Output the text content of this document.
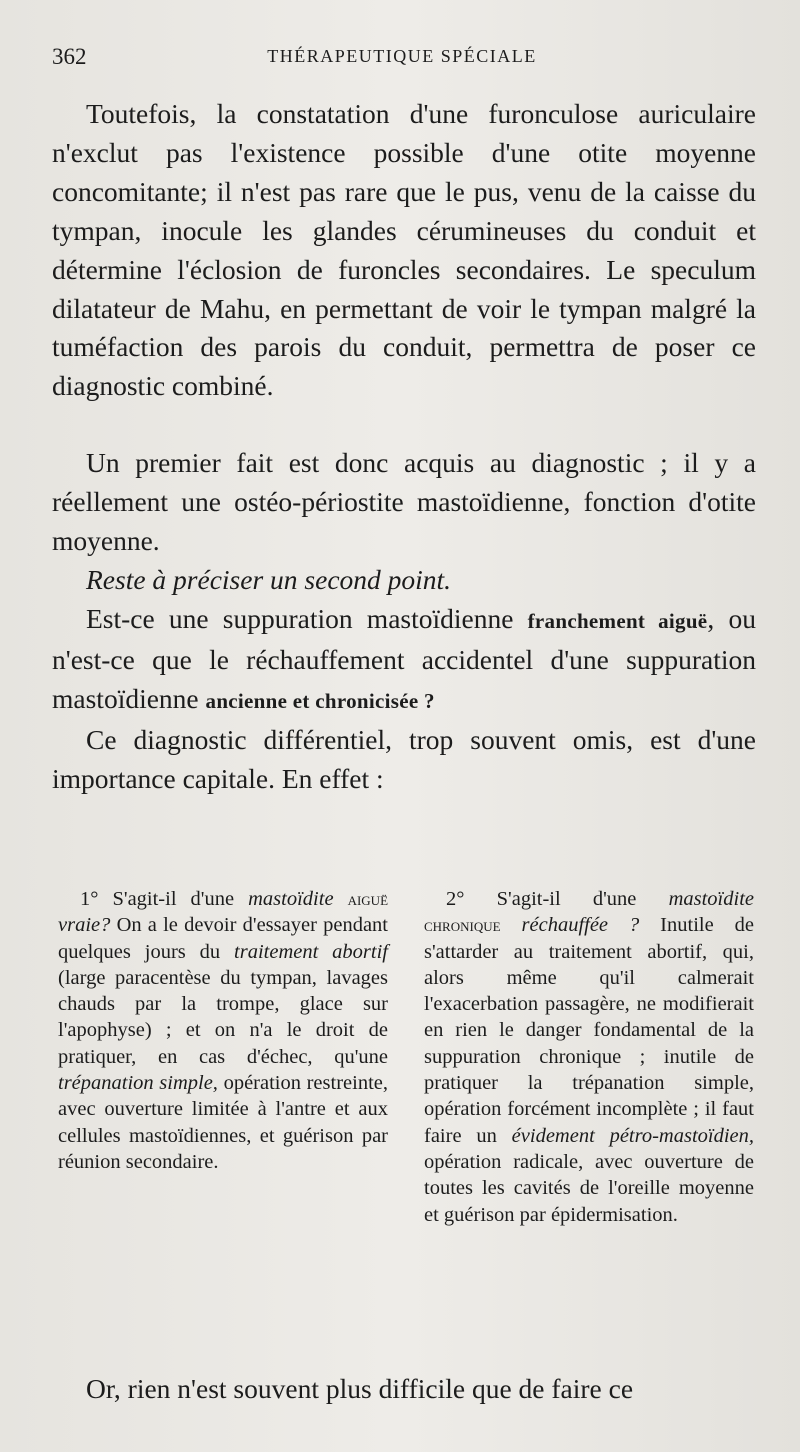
362	THÉRAPEUTIQUE SPÉCIALE

Toutefois, la constatation d'une furonculose auriculaire n'exclut pas l'existence possible d'une otite moyenne concomitante; il n'est pas rare que le pus, venu de la caisse du tympan, inocule les glandes cérumineuses du conduit et détermine l'éclosion de furoncles secondaires. Le speculum dilatateur de Mahu, en permettant de voir le tympan malgré la tuméfaction des parois du conduit, permettra de poser ce diagnostic combiné.

Un premier fait est donc acquis au diagnostic ; il y a réellement une ostéo-périostite mastoïdienne, fonction d'otite moyenne.

Reste à préciser un second point.

Est-ce une suppuration mastoïdienne franchement aiguë, ou n'est-ce que le réchauffement accidentel d'une suppuration mastoïdienne ancienne et chronicisée ?

Ce diagnostic différentiel, trop souvent omis, est d'une importance capitale. En effet :

1° S'agit-il d'une mastoïdite aiguë vraie? On a le devoir d'essayer pendant quelques jours du traitement abortif (large paracentèse du tympan, lavages chauds par la trompe, glace sur l'apophyse) ; et on n'a le droit de pratiquer, en cas d'échec, qu'une trépanation simple, opération restreinte, avec ouverture limitée à l'antre et aux cellules mastoïdiennes, et guérison par réunion secondaire.

2° S'agit-il d'une mastoïdite chronique réchauffée ? Inutile de s'attarder au traitement abortif, qui, alors même qu'il calmerait l'exacerbation passagère, ne modifierait en rien le danger fondamental de la suppuration chronique ; inutile de pratiquer la trépanation simple, opération forcément incomplète ; il faut faire un évidement pétro-mastoïdien, opération radicale, avec ouverture de toutes les cavités de l'oreille moyenne et guérison par épidermisation.

Or, rien n'est souvent plus difficile que de faire ce
